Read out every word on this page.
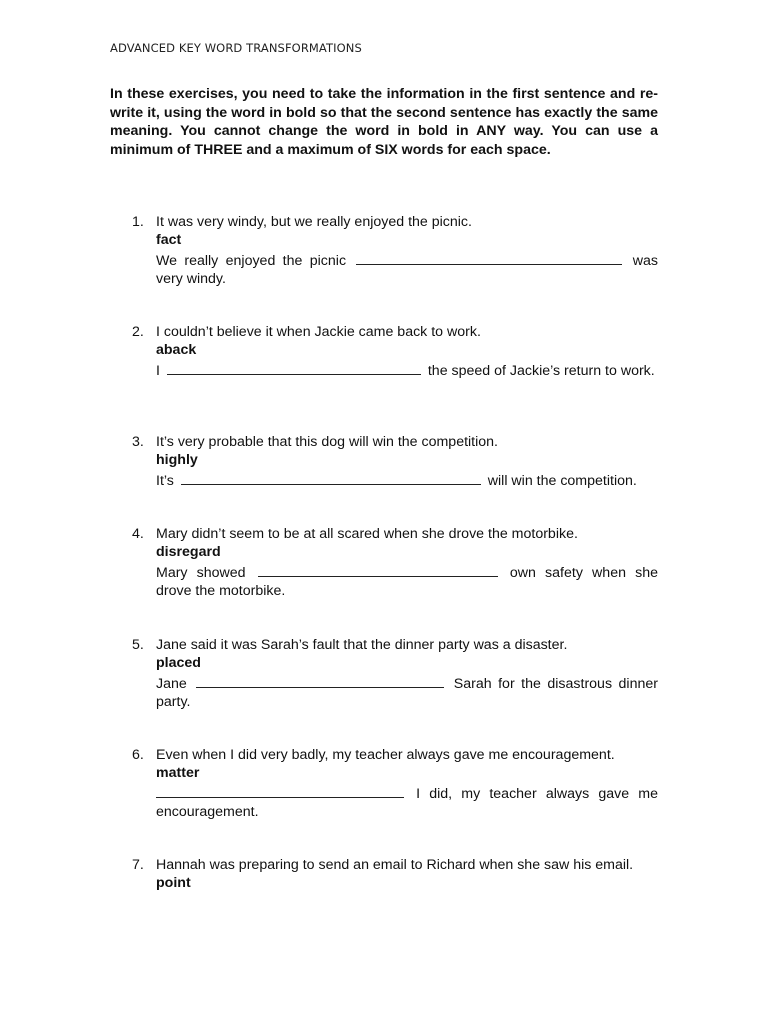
ADVANCED KEY WORD TRANSFORMATIONS
In these exercises, you need to take the information in the first sentence and re-write it, using the word in bold so that the second sentence has exactly the same meaning. You cannot change the word in bold in ANY way. You can use a minimum of THREE and a maximum of SIX words for each space.
1. It was very windy, but we really enjoyed the picnic.
fact
We really enjoyed the picnic	was very windy.
2. I couldn’t believe it when Jackie came back to work.
aback
I	the speed of Jackie’s return to work.
3. It’s very probable that this dog will win the competition.
highly
It’s	will win the competition.
4. Mary didn’t seem to be at all scared when she drove the motorbike.
disregard
Mary showed	own safety when she drove the motorbike.
5. Jane said it was Sarah’s fault that the dinner party was a disaster.
placed
Jane	Sarah for the disastrous dinner party.
6. Even when I did very badly, my teacher always gave me encouragement.
matter
I did, my teacher always gave me encouragement.
7. Hannah was preparing to send an email to Richard when she saw his email.
point
